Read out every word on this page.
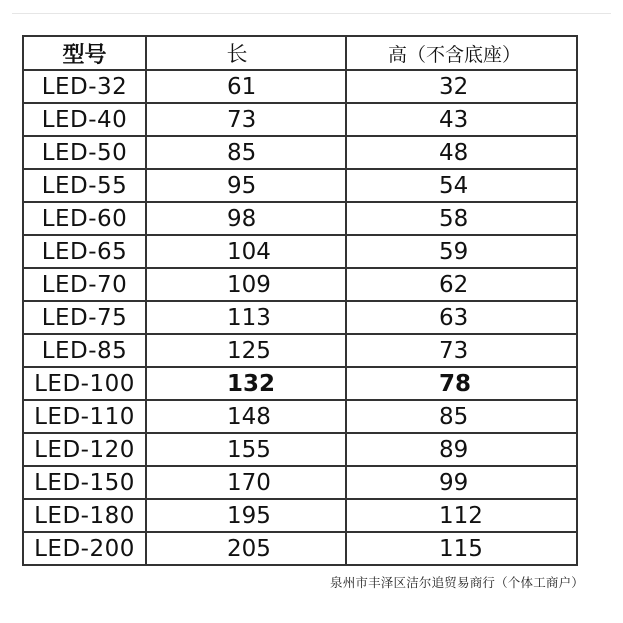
型号	长	高（不含底座）
LED-32	61	32
LED-40	73	43
LED-50	85	48
LED-55	95	54
LED-60	98	58
LED-65	104	59
LED-70	109	62
LED-75	113	63
LED-85	125	73
LED-100	132	78
LED-110	148	85
LED-120	155	89
LED-150	170	99
LED-180	195	112
LED-200	205	115
泉州市丰泽区洁尔追贸易商行（个体工商户）
